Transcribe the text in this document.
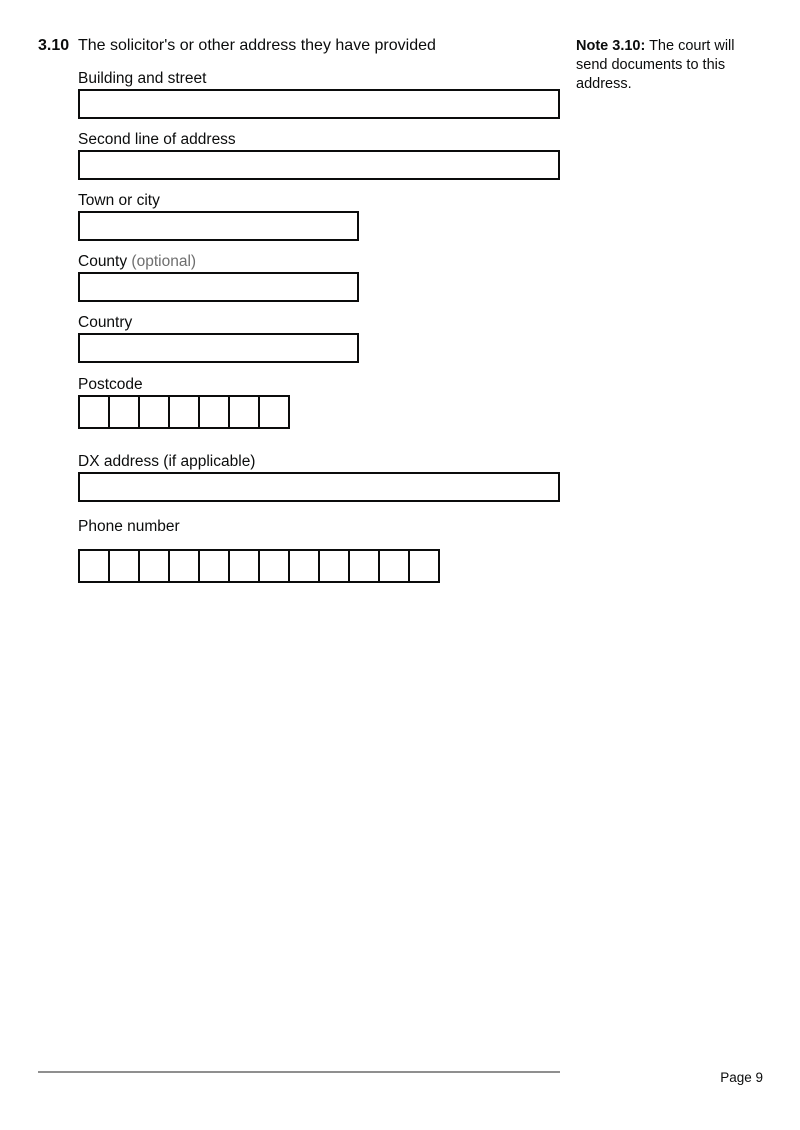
3.10 The solicitor's or other address they have provided
Building and street
Second line of address
Town or city
County (optional)
Country
Postcode
DX address (if applicable)
Phone number
Note 3.10: The court will send documents to this address.
Page 9
